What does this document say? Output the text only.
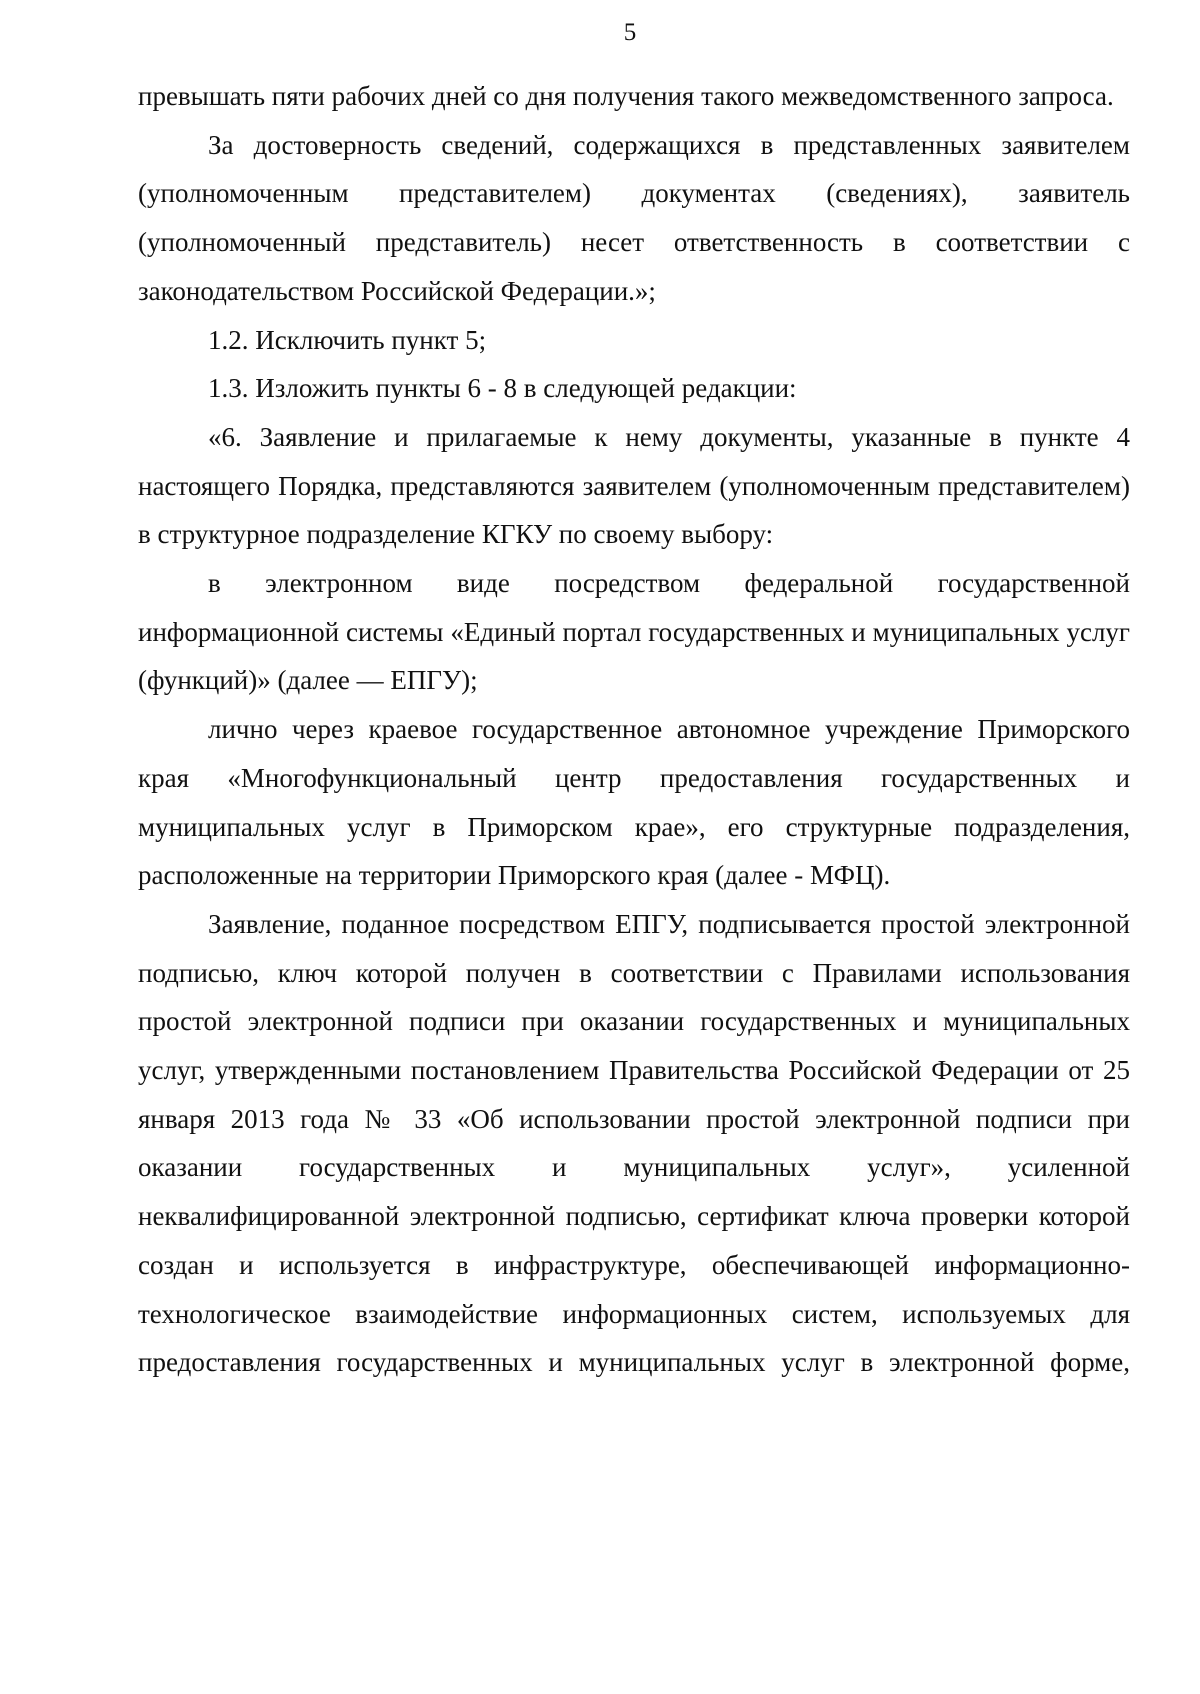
5

превышать пяти рабочих дней со дня получения такого межведомственного запроса.

За достоверность сведений, содержащихся в представленных заявителем (уполномоченным представителем) документах (сведениях), заявитель (уполномоченный представитель) несет ответственность в соответствии с законодательством Российской Федерации.»;

1.2. Исключить пункт 5;

1.3. Изложить пункты 6 - 8 в следующей редакции:

«6. Заявление и прилагаемые к нему документы, указанные в пункте 4 настоящего Порядка, представляются заявителем (уполномоченным представителем) в структурное подразделение КГКУ по своему выбору:

в электронном виде посредством федеральной государственной информационной системы «Единый портал государственных и муниципальных услуг (функций)» (далее — ЕПГУ);

лично через краевое государственное автономное учреждение Приморского края «Многофункциональный центр предоставления государственных и муниципальных услуг в Приморском крае», его структурные подразделения, расположенные на территории Приморского края (далее - МФЦ).

Заявление, поданное посредством ЕПГУ, подписывается простой электронной подписью, ключ которой получен в соответствии с Правилами использования простой электронной подписи при оказании государственных и муниципальных услуг, утвержденными постановлением Правительства Российской Федерации от 25 января 2013 года № 33 «Об использовании простой электронной подписи при оказании государственных и муниципальных услуг», усиленной неквалифицированной электронной подписью, сертификат ключа проверки которой создан и используется в инфраструктуре, обеспечивающей информационно-технологическое взаимодействие информационных систем, используемых для предоставления государственных и муниципальных услуг в электронной форме,
